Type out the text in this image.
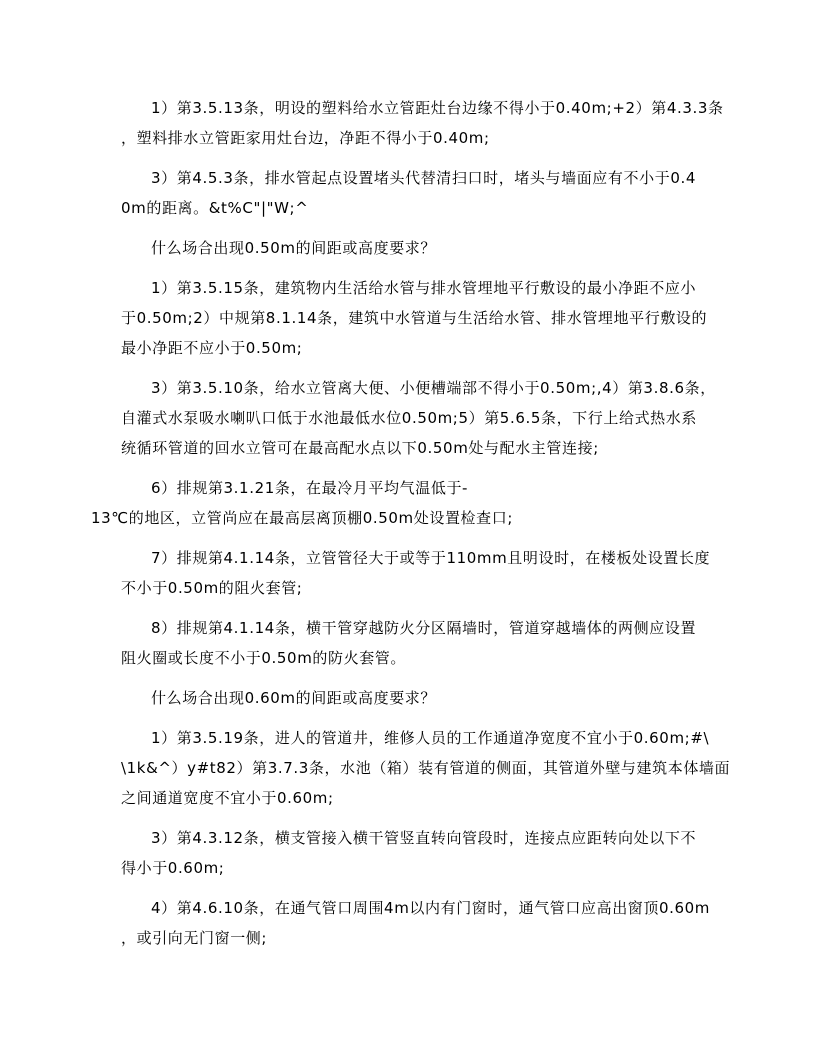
1）第3.5.13条，明设的塑料给水立管距灶台边缘不得小于0.40m;+2）第4.3.3条
，塑料排水立管距家用灶台边，净距不得小于0.40m;

3）第4.5.3条，排水管起点设置堵头代替清扫口时，堵头与墙面应有不小于0.4
0m的距离。&t%C"|"W;^

什么场合出现0.50m的间距或高度要求？

1）第3.5.15条，建筑物内生活给水管与排水管埋地平行敷设的最小净距不应小
于0.50m;2）中规第8.1.14条，建筑中水管道与生活给水管、排水管埋地平行敷设的
最小净距不应小于0.50m;

3）第3.5.10条，给水立管离大便、小便槽端部不得小于0.50m;,4）第3.8.6条，
自灌式水泵吸水喇叭口低于水池最低水位0.50m;5）第5.6.5条，下行上给式热水系
统循环管道的回水立管可在最高配水点以下0.50m处与配水主管连接;

6）排规第3.1.21条，在最冷月平均气温低于-
13℃的地区，立管尚应在最高层离顶棚0.50m处设置检查口;

7）排规第4.1.14条，立管管径大于或等于110mm且明设时，在楼板处设置长度
不小于0.50m的阻火套管;

8）排规第4.1.14条，横干管穿越防火分区隔墙时，管道穿越墙体的两侧应设置
阻火圈或长度不小于0.50m的防火套管。

什么场合出现0.60m的间距或高度要求？

1）第3.5.19条，进人的管道井，维修人员的工作通道净宽度不宜小于0.60m;#\
\1k&^）y#t82）第3.7.3条，水池（箱）装有管道的侧面，其管道外壁与建筑本体墙面
之间通道宽度不宜小于0.60m;

3）第4.3.12条，横支管接入横干管竖直转向管段时，连接点应距转向处以下不
得小于0.60m;

4）第4.6.10条，在通气管口周围4m以内有门窗时，通气管口应高出窗顶0.60m
，或引向无门窗一侧;
